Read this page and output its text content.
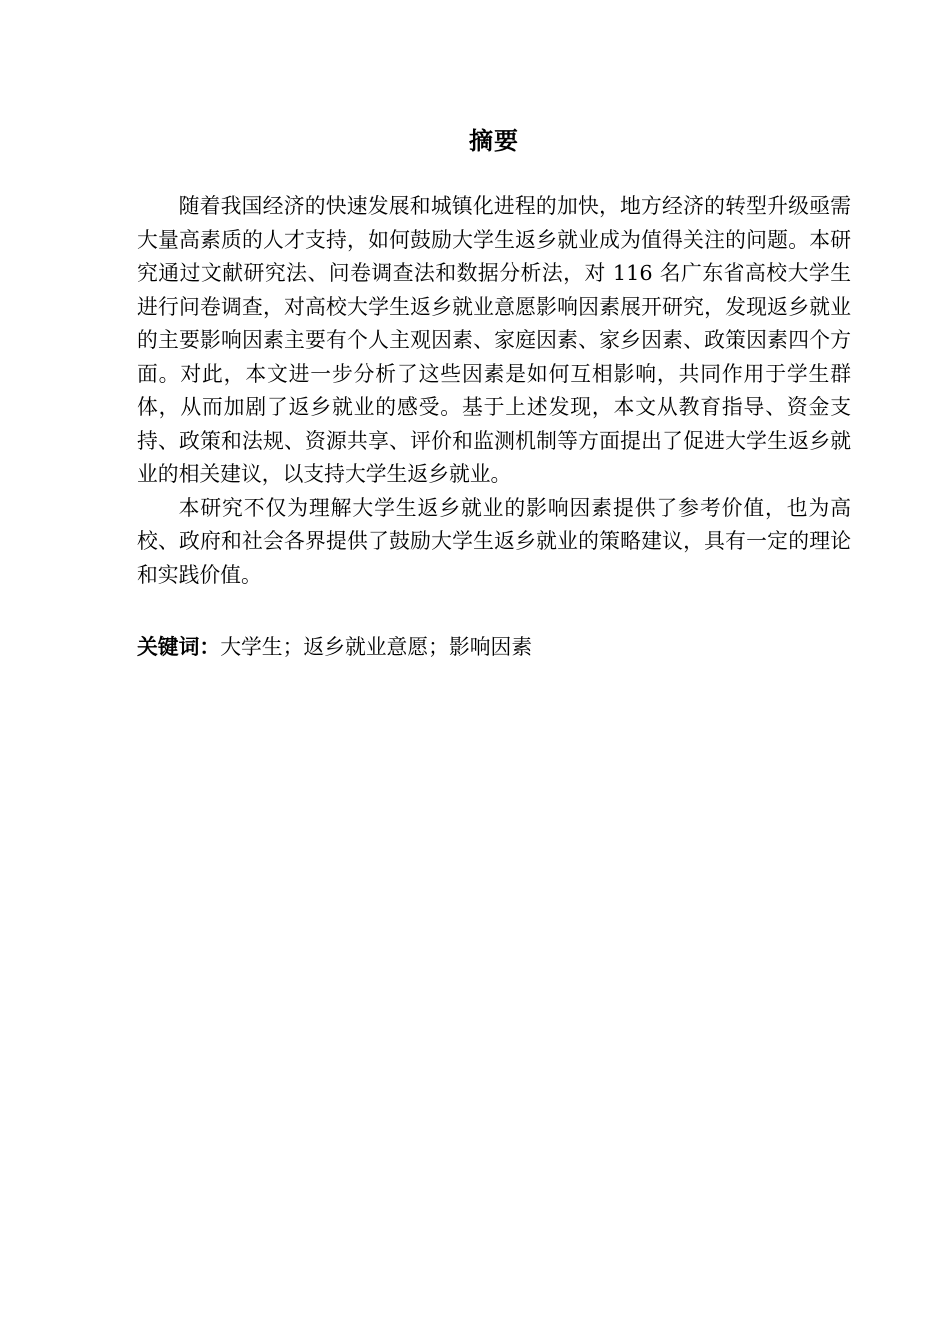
摘要

随着我国经济的快速发展和城镇化进程的加快，地方经济的转型升级亟需大量高素质的人才支持，如何鼓励大学生返乡就业成为值得关注的问题。本研究通过文献研究法、问卷调查法和数据分析法，对 116 名广东省高校大学生进行问卷调查，对高校大学生返乡就业意愿影响因素展开研究，发现返乡就业的主要影响因素主要有个人主观因素、家庭因素、家乡因素、政策因素四个方面。对此，本文进一步分析了这些因素是如何互相影响，共同作用于学生群体，从而加剧了返乡就业的感受。基于上述发现，本文从教育指导、资金支持、政策和法规、资源共享、评价和监测机制等方面提出了促进大学生返乡就业的相关建议，以支持大学生返乡就业。

本研究不仅为理解大学生返乡就业的影响因素提供了参考价值，也为高校、政府和社会各界提供了鼓励大学生返乡就业的策略建议，具有一定的理论和实践价值。

关键词：大学生；返乡就业意愿；影响因素
